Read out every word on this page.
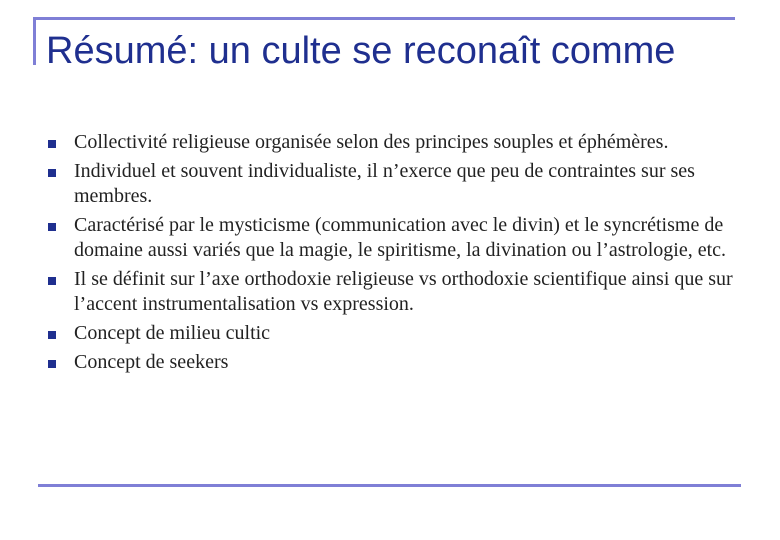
Résumé: un culte se reconaît comme
Collectivité religieuse organisée selon des principes souples et éphémères.
Individuel et souvent individualiste, il n’exerce que peu de contraintes sur ses membres.
Caractérisé par le mysticisme (communication avec le divin) et le syncrétisme de domaine aussi variés que la magie, le spiritisme, la divination ou l’astrologie, etc.
Il se définit sur l’axe orthodoxie religieuse vs orthodoxie scientifique ainsi que sur l’accent instrumentalisation vs expression.
Concept de milieu cultic
Concept de seekers
